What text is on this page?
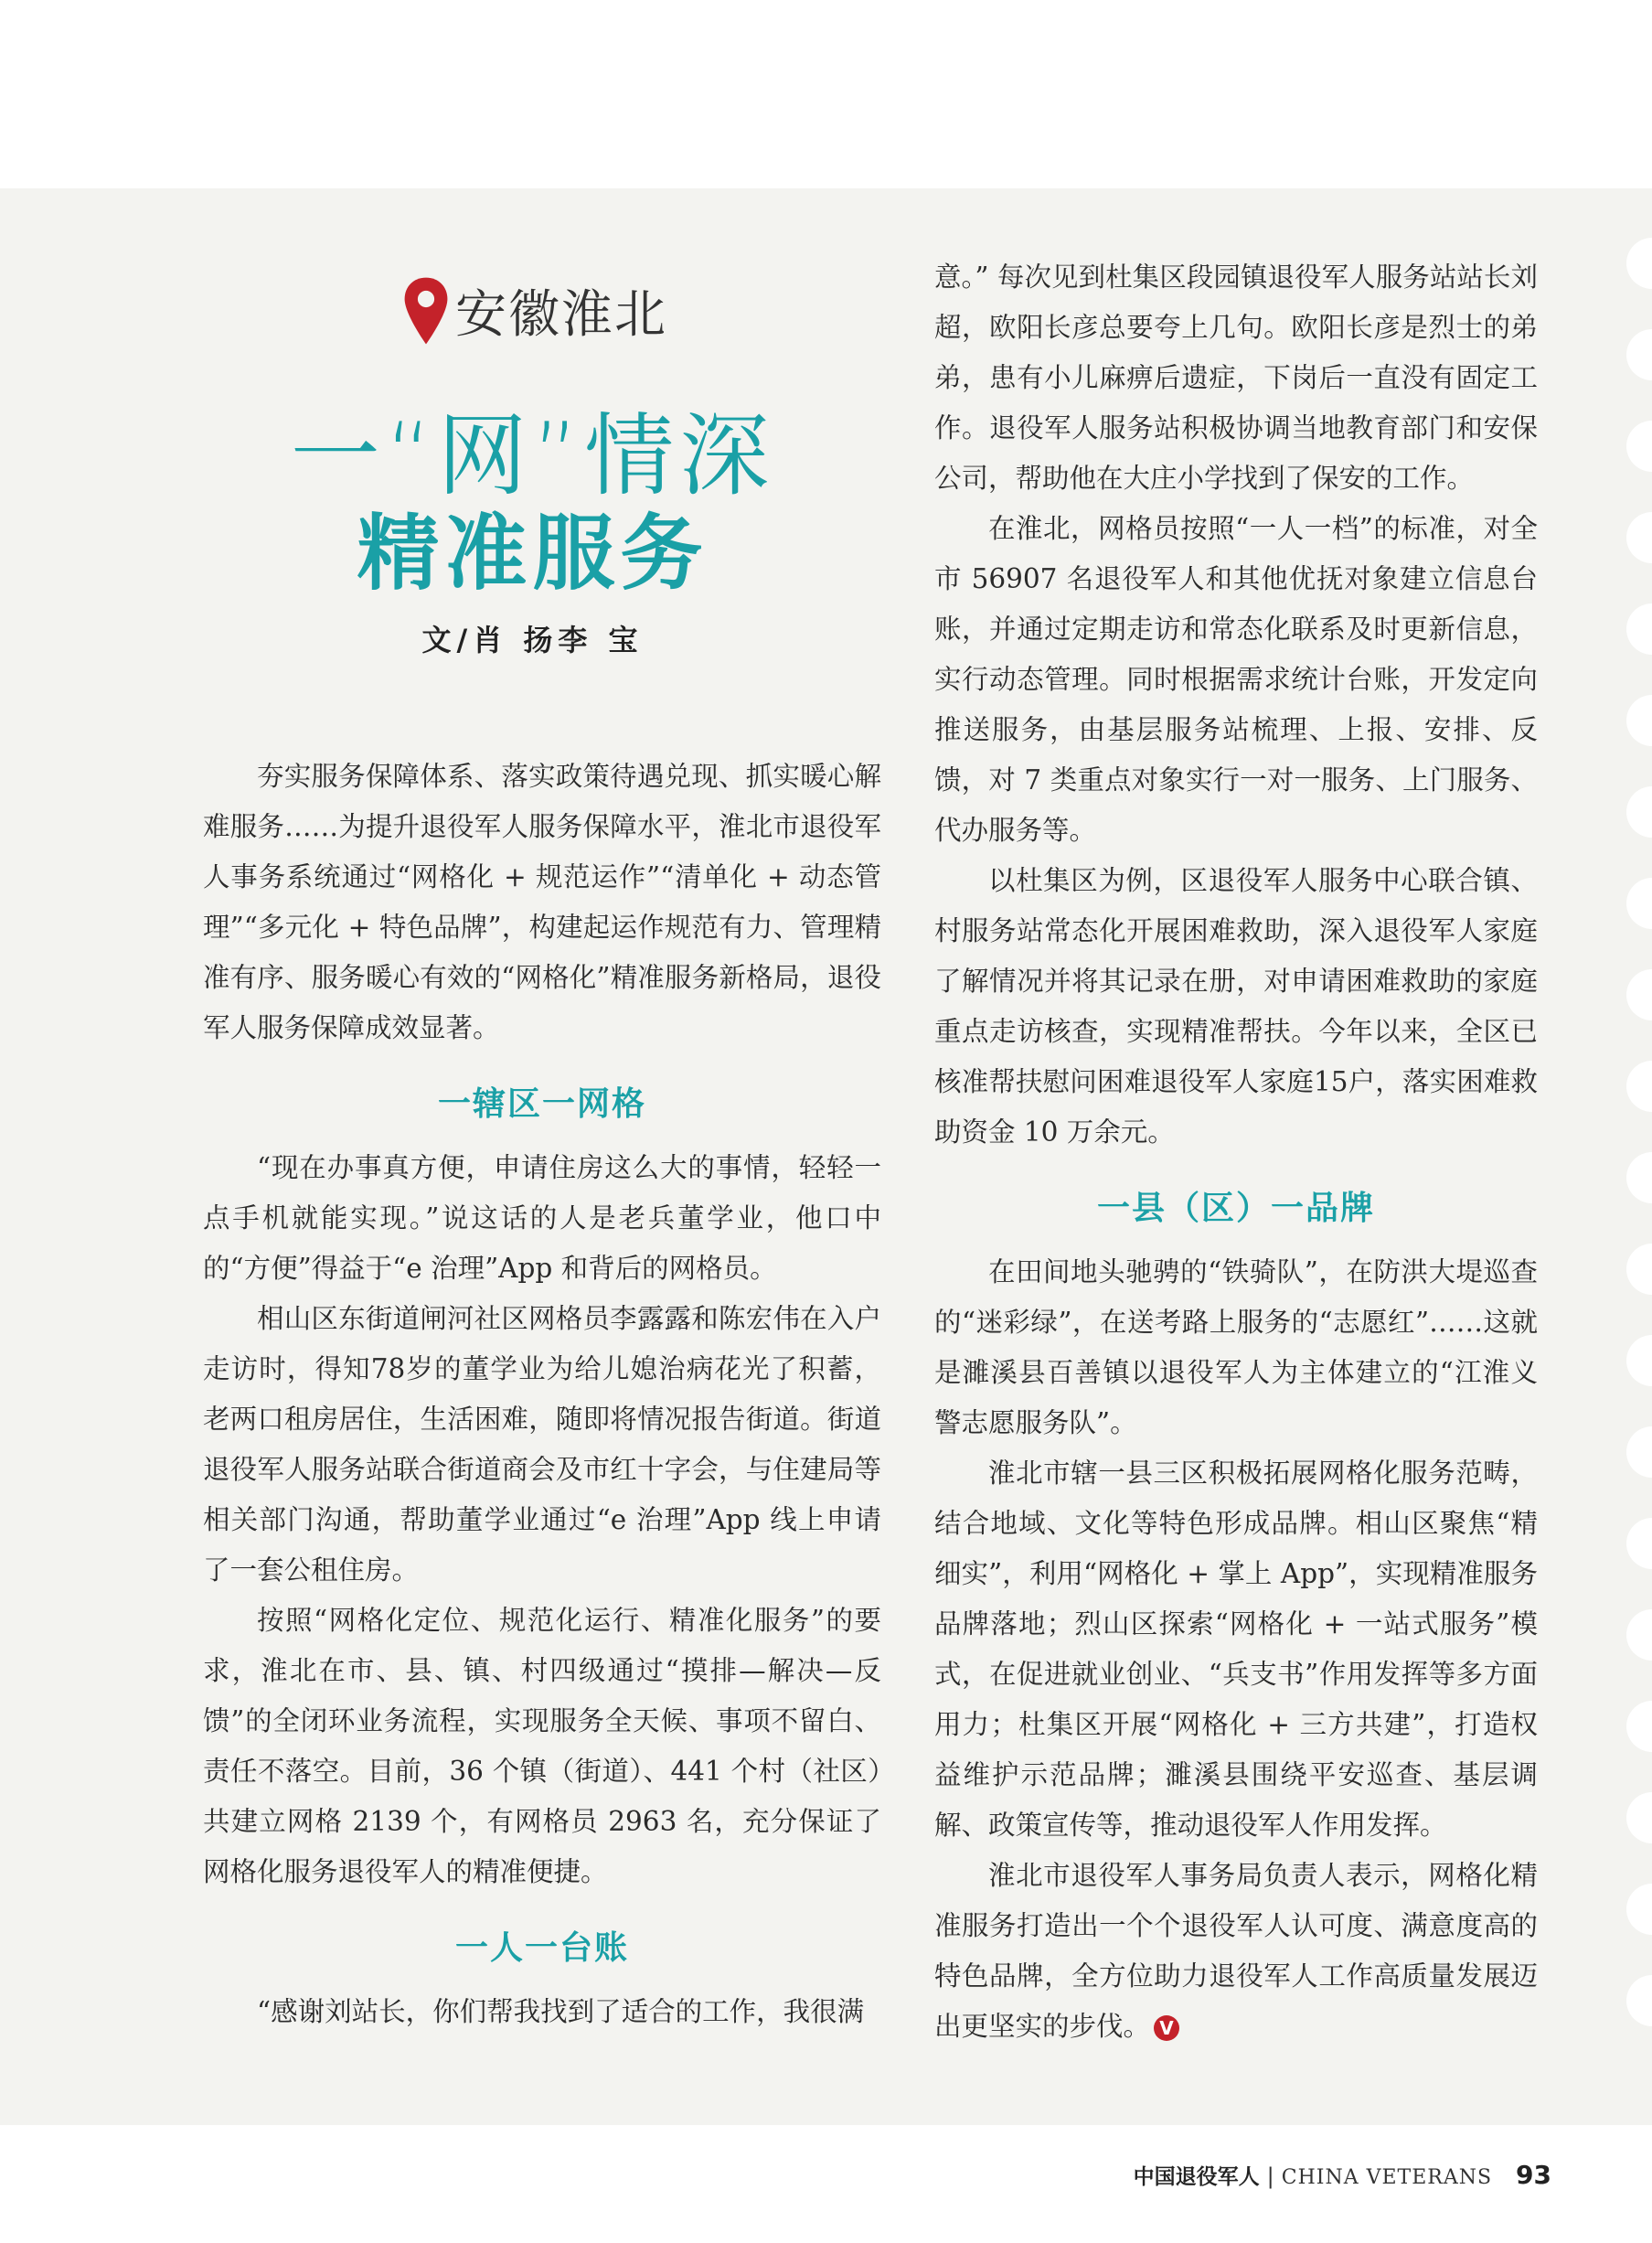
安徽淮北
一“网”情深
精准服务
文/肖 扬李 宝

夯实服务保障体系、落实政策待遇兑现、抓实暖心解难服务……为提升退役军人服务保障水平，淮北市退役军人事务系统通过“网格化 + 规范运作”“清单化 + 动态管理”“多元化 + 特色品牌”，构建起运作规范有力、管理精准有序、服务暖心有效的“网格化”精准服务新格局，退役军人服务保障成效显著。

一辖区一网格

“现在办事真方便，申请住房这么大的事情，轻轻一点手机就能实现。”说这话的人是老兵董学业，他口中的“方便”得益于“e 治理”App 和背后的网格员。

相山区东街道闸河社区网格员李露露和陈宏伟在入户走访时，得知78岁的董学业为给儿媳治病花光了积蓄，老两口租房居住，生活困难，随即将情况报告街道。街道退役军人服务站联合街道商会及市红十字会，与住建局等相关部门沟通，帮助董学业通过“e 治理”App 线上申请了一套公租住房。

按照“网格化定位、规范化运行、精准化服务”的要求，淮北在市、县、镇、村四级通过“摸排—解决—反馈”的全闭环业务流程，实现服务全天候、事项不留白、责任不落空。目前，36 个镇（街道）、441 个村（社区）共建立网格 2139 个，有网格员 2963 名，充分保证了网格化服务退役军人的精准便捷。

一人一台账

“感谢刘站长，你们帮我找到了适合的工作，我很满

意。” 每次见到杜集区段园镇退役军人服务站站长刘超，欧阳长彦总要夸上几句。欧阳长彦是烈士的弟弟，患有小儿麻痹后遗症，下岗后一直没有固定工作。退役军人服务站积极协调当地教育部门和安保公司，帮助他在大庄小学找到了保安的工作。

在淮北，网格员按照“一人一档”的标准，对全市 56907 名退役军人和其他优抚对象建立信息台账，并通过定期走访和常态化联系及时更新信息，实行动态管理。同时根据需求统计台账，开发定向推送服务，由基层服务站梳理、上报、安排、反馈，对 7 类重点对象实行一对一服务、上门服务、代办服务等。

以杜集区为例，区退役军人服务中心联合镇、村服务站常态化开展困难救助，深入退役军人家庭了解情况并将其记录在册，对申请困难救助的家庭重点走访核查，实现精准帮扶。今年以来，全区已核准帮扶慰问困难退役军人家庭15户，落实困难救助资金 10 万余元。

一县（区）一品牌

在田间地头驰骋的“铁骑队”，在防洪大堤巡查的“迷彩绿”，在送考路上服务的“志愿红”……这就是濉溪县百善镇以退役军人为主体建立的“江淮义警志愿服务队”。

淮北市辖一县三区积极拓展网格化服务范畴，结合地域、文化等特色形成品牌。相山区聚焦“精细实”，利用“网格化 + 掌上 App”，实现精准服务品牌落地；烈山区探索“网格化 + 一站式服务”模式，在促进就业创业、“兵支书”作用发挥等多方面用力；杜集区开展“网格化 + 三方共建”，打造权益维护示范品牌；濉溪县围绕平安巡查、基层调解、政策宣传等，推动退役军人作用发挥。

淮北市退役军人事务局负责人表示，网格化精准服务打造出一个个退役军人认可度、满意度高的特色品牌，全方位助力退役军人工作高质量发展迈出更坚实的步伐。 V

中国退役军人 | CHINA VETERANS 93
